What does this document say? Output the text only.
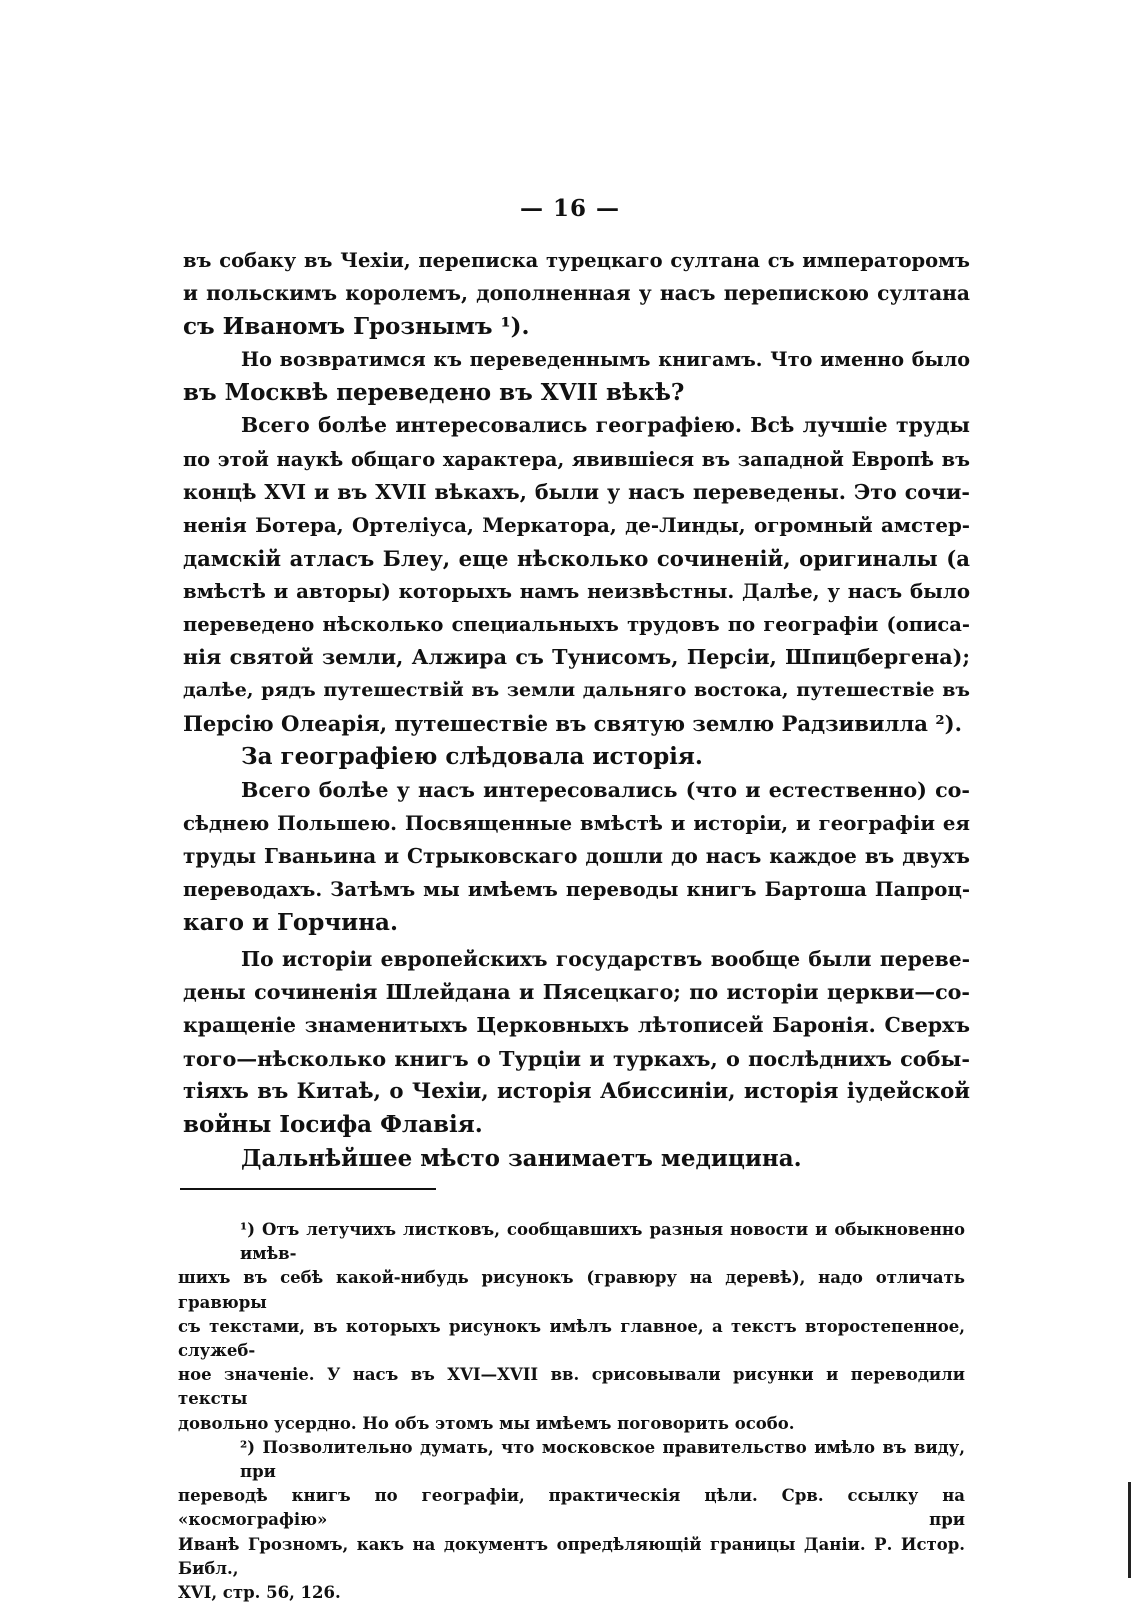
— 16 —
въ собаку въ Чехiи, переписка турецкаго султана съ императоромъ
и польскимъ королемъ, дополненная у насъ перепискою султана
съ Иваномъ Грознымъ ¹).
Но возвратимся къ переведеннымъ книгамъ. Что именно было
въ Москвѣ переведено въ XVII вѣкѣ?
Всего болѣе интересовались географiею. Всѣ лучшiе труды
по этой наукѣ общаго характера, явившiеся въ западной Европѣ въ
концѣ XVI и въ XVII вѣкахъ, были у насъ переведены. Это сочи-
ненiя Ботера, Ортелiуса, Меркатора, де-Линды, огромный амстер-
дамскiй атласъ Блеу, еще нѣсколько сочиненiй, оригиналы (а
вмѣстѣ и авторы) которыхъ намъ неизвѣстны. Далѣе, у насъ было
переведено нѣсколько специальныхъ трудовъ по географiи (описа-
нiя святой земли, Алжира съ Тунисомъ, Персiи, Шпицбергена);
далѣе, рядъ путешествiй въ земли дальняго востока, путешествiе въ
Персiю Олеарiя, путешествiе въ святую землю Радзивилла ²).
За географiею слѣдовала исторiя.
Всего болѣе у насъ интересовались (что и естественно) со-
сѣднею Польшею. Посвященные вмѣстѣ и исторiи, и географiи ея
труды Гваньина и Стрыковскаго дошли до насъ каждое въ двухъ
переводахъ. Затѣмъ мы имѣемъ переводы книгъ Бартоша Папроц-
каго и Горчина.
По исторiи европейскихъ государствъ вообще были переве-
дены сочиненiя Шлейдана и Пясецкаго; по исторiи церкви—со-
кращенiе знаменитыхъ Церковныхъ лѣтописей Баронiя. Сверхъ
того—нѣсколько книгъ о Турцiи и туркахъ, о послѣднихъ собы-
тiяхъ въ Китаѣ, о Чехiи, исторiя Абиссинiи, исторiя iудейской
войны Iосифа Флавiя.
Дальнѣйшее мѣсто занимаетъ медицина.
¹) Отъ летучихъ листковъ, сообщавшихъ разныя новости и обыкновенно имѣв-
шихъ въ себѣ какой-нибудь рисунокъ (гравюру на деревѣ), надо отличать гравюры
съ текстами, въ которыхъ рисунокъ имѣлъ главное, а текстъ второстепенное, служеб-
ное значенiе. У насъ въ XVI—XVII вв. срисовывали рисунки и переводили тексты
довольно усердно. Но объ этомъ мы имѣемъ поговорить особо.
²) Позволительно думать, что московское правительство имѣло въ виду, при
переводѣ книгъ по географiи, практическiя цѣли. Срв. ссылку на «космографiю» при
Иванѣ Грозномъ, какъ на документъ опредѣляющiй границы Данiи. Р. Истор. Библ.,
XVI, стр. 56, 126.
